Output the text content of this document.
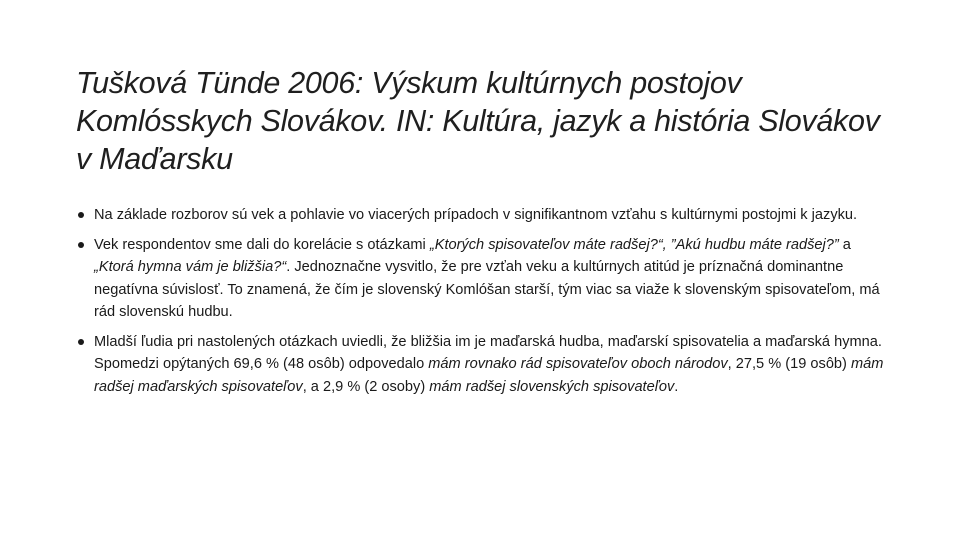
Tušková Tünde 2006: Výskum kultúrnych postojov Komlósskych Slovákov. IN: Kultúra, jazyk a história Slovákov v Maďarsku
Na základe rozborov sú vek a pohlavie vo viacerých prípadoch v signifikantnom vzťahu s kultúrnymi postojmi k jazyku.
Vek respondentov sme dali do korelácie s otázkami „Ktorých spisovateľov máte radšej?“, ”Akú hudbu máte radšej?” a „Ktorá hymna vám je bližšia?“. Jednoznačne vysvitlo, že pre vzťah veku a kultúrnych atitúd je príznačná dominantne negatívna súvislosť. To znamená, že čím je slovenský Komlóšan starší, tým viac sa viaže k slovenským spisovateľom, má rád slovenskú hudbu.
Mladší ľudia pri nastolených otázkach uviedli, že bližšia im je maďarská hudba, maďarskí spisovatelia a maďarská hymna. Spomedzi opýtaných 69,6 % (48 osôb) odpovedalo mám rovnako rád spisovateľov oboch národov, 27,5 % (19 osôb) mám radšej maďarských spisovateľov, a 2,9 % (2 osoby) mám radšej slovenských spisovateľov.
